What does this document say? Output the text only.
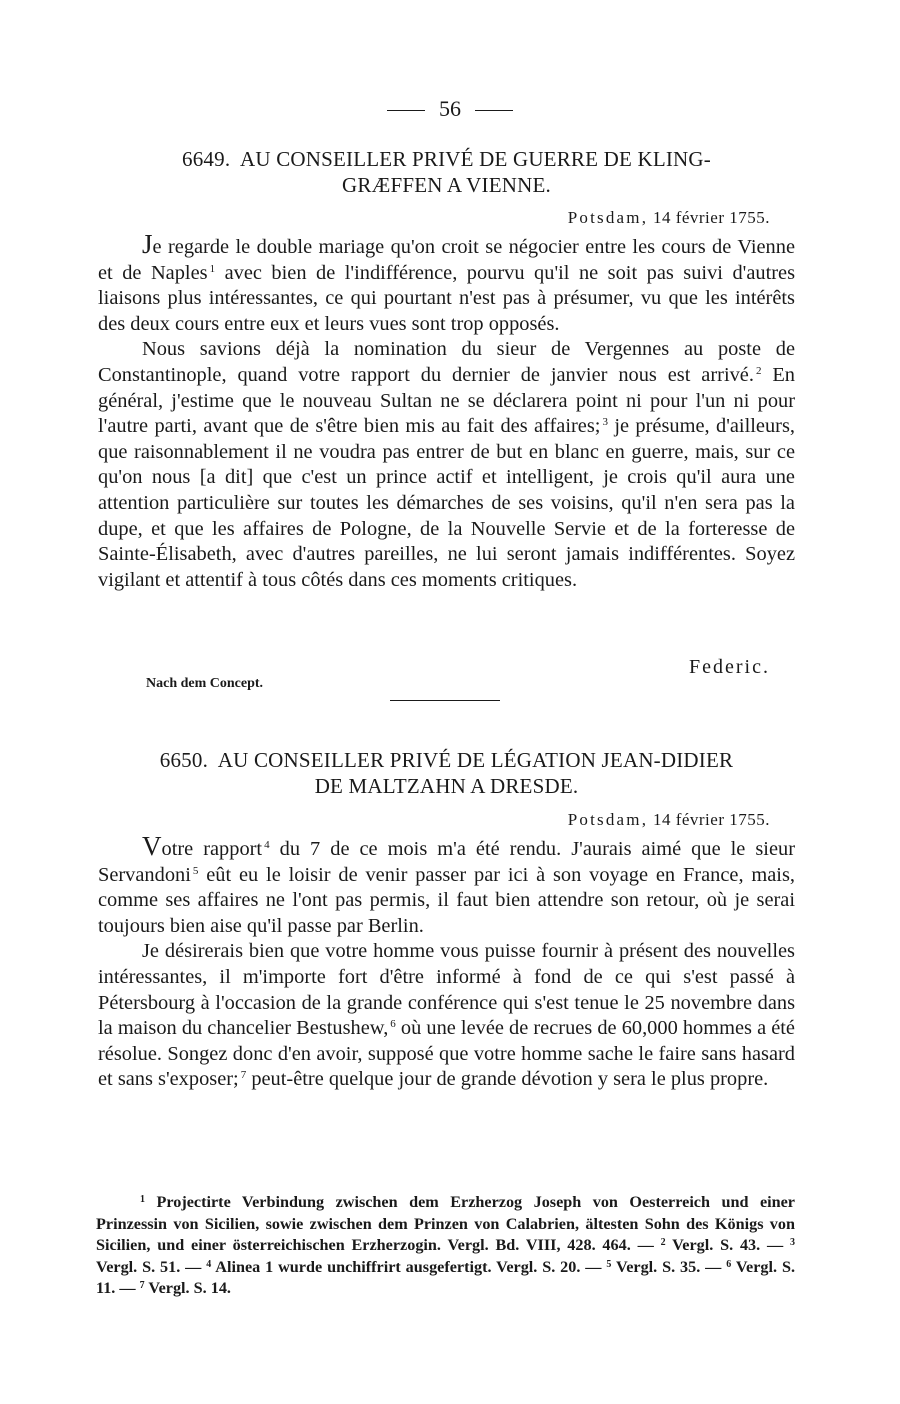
56
6649. AU CONSEILLER PRIVÉ DE GUERRE DE KLING-
GRÆFFEN A VIENNE.
Potsdam, 14 février 1755.

Je regarde le double mariage qu'on croit se négocier entre les cours de Vienne et de Naples $^1$ avec bien de l'indifférence, pourvu qu'il ne soit pas suivi d'autres liaisons plus intéressantes, ce qui pourtant n'est pas à présumer, vu que les intérêts des deux cours entre eux et leurs vues sont trop opposés.

Nous savions déjà la nomination du sieur de Vergennes au poste de Constantinople, quand votre rapport du dernier de janvier nous est arrivé. $^2$ En général, j'estime que le nouveau Sultan ne se déclarera point ni pour l'un ni pour l'autre parti, avant que de s'être bien mis au fait des affaires; $^3$ je présume, d'ailleurs, que raisonnablement il ne voudra pas entrer de but en blanc en guerre, mais, sur ce qu'on nous [a dit] que c'est un prince actif et intelligent, je crois qu'il aura une attention particulière sur toutes les démarches de ses voisins, qu'il n'en sera pas la dupe, et que les affaires de Pologne, de la Nouvelle Servie et de la forteresse de Sainte-Élisabeth, avec d'autres pareilles, ne lui seront jamais indifférentes. Soyez vigilant et attentif à tous côtés dans ces moments critiques.

Federic.
Nach dem Concept.
6650. AU CONSEILLER PRIVÉ DE LÉGATION JEAN-DIDIER
DE MALTZAHN A DRESDE.
Potsdam, 14 février 1755.

Votre rapport $^4$ du 7 de ce mois m'a été rendu. J'aurais aimé que le sieur Servandoni $^5$ eût eu le loisir de venir passer par ici à son voyage en France, mais, comme ses affaires ne l'ont pas permis, il faut bien attendre son retour, où je serai toujours bien aise qu'il passe par Berlin.

Je désirerais bien que votre homme vous puisse fournir à présent des nouvelles intéressantes, il m'importe fort d'être informé à fond de ce qui s'est passé à Pétersbourg à l'occasion de la grande conférence qui s'est tenue le 25 novembre dans la maison du chancelier Bestushew, $^6$ où une levée de recrues de 60,000 hommes a été résolue. Songez donc d'en avoir, supposé que votre homme sache le faire sans hasard et sans s'exposer; $^7$ peut-être quelque jour de grande dévotion y sera le plus propre.

$^1$ Projectirte Verbindung zwischen dem Erzherzog Joseph von Oesterreich und einer Prinzessin von Sicilien, sowie zwischen dem Prinzen von Calabrien, ältesten Sohn des Königs von Sicilien, und einer österreichischen Erzherzogin. Vergl. Bd. VIII, 428. 464. — $^2$ Vergl. S. 43. — $^3$ Vergl. S. 51. — $^4$ Alinea 1 wurde unchiffrirt ausgefertigt. Vergl. S. 20. — $^5$ Vergl. S. 35. — $^6$ Vergl. S. 11. — $^7$ Vergl. S. 14.
